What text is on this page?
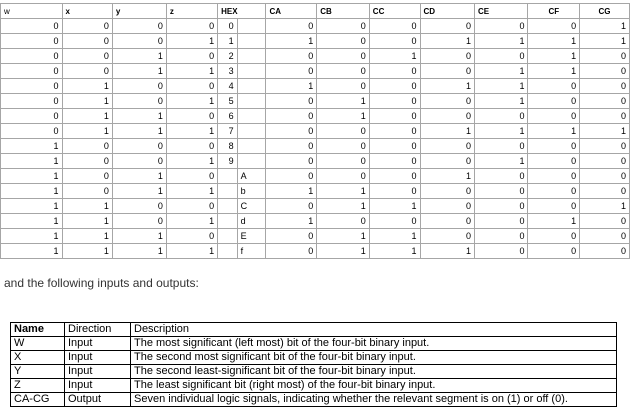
w	x	y	z	HEX		CA	CB	CC	CD	CE	CF	CG
0	0	0	0	0		0	0	0	0	0	0	1
0	0	0	1	1		1	0	0	1	1	1	1
0	0	1	0	2		0	0	1	0	0	1	0
0	0	1	1	3		0	0	0	0	1	1	0
0	1	0	0	4		1	0	0	1	1	0	0
0	1	0	1	5		0	1	0	0	1	0	0
0	1	1	0	6		0	1	0	0	0	0	0
0	1	1	1	7		0	0	0	1	1	1	1
1	0	0	0	8		0	0	0	0	0	0	0
1	0	0	1	9		0	0	0	0	1	0	0
1	0	1	0		A	0	0	0	1	0	0	0
1	0	1	1		b	1	1	0	0	0	0	0
1	1	0	0		C	0	1	1	0	0	0	1
1	1	0	1		d	1	0	0	0	0	1	0
1	1	1	0		E	0	1	1	0	0	0	0
1	1	1	1		f	0	1	1	1	0	0	0
and the following inputs and outputs:
Name	Direction	Description
W	Input	The most significant (left most) bit of the four-bit binary input.
X	Input	The second most significant bit of the four-bit binary input.
Y	Input	The second least-significant bit of the four-bit binary input.
Z	Input	The least significant bit (right most) of the four-bit binary input.
CA-CG	Output	Seven individual logic signals, indicating whether the relevant segment is on (1) or off (0).
